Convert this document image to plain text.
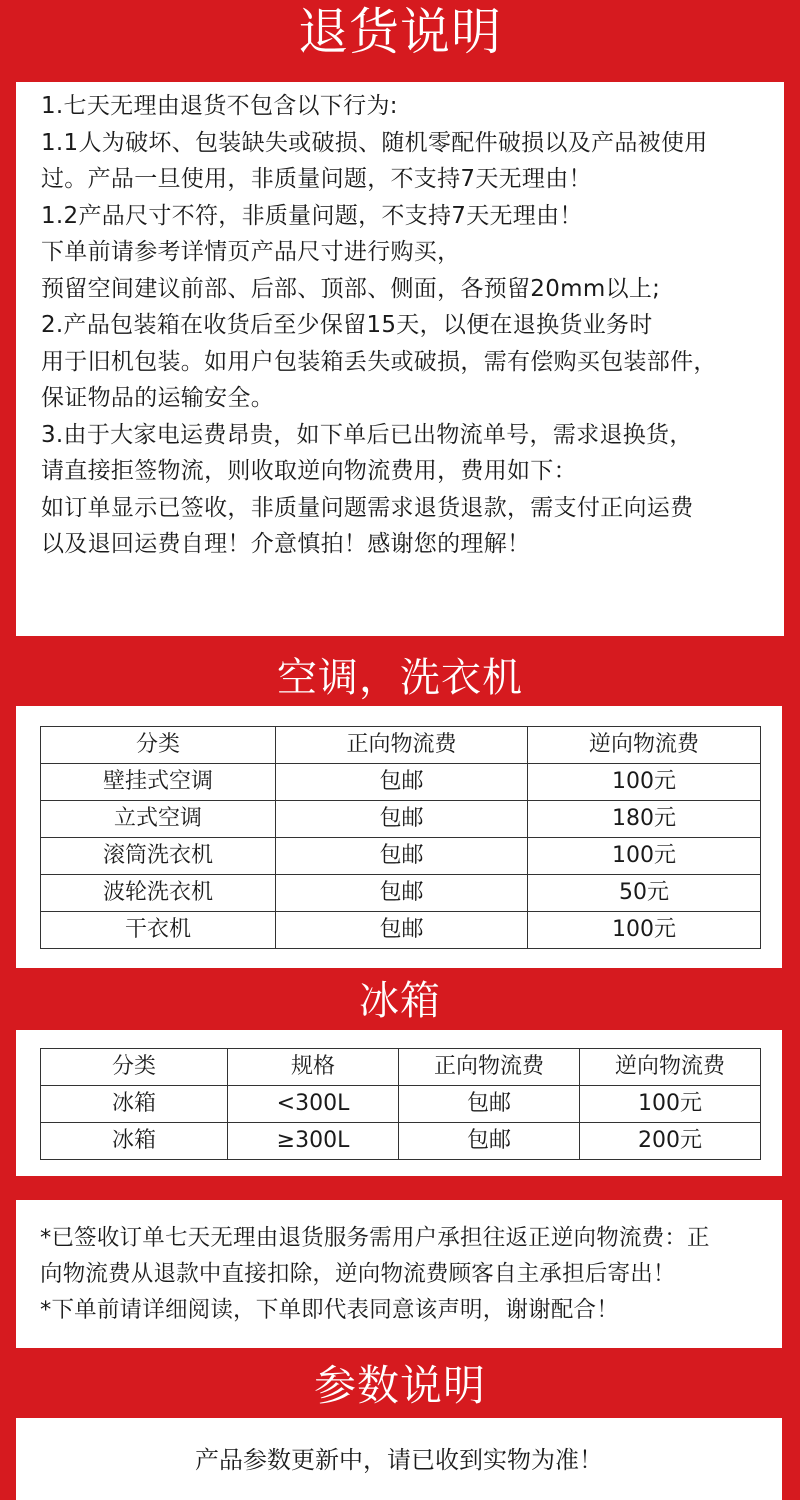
退货说明
1.七天无理由退货不包含以下行为:
1.1人为破坏、包装缺失或破损、随机零配件破损以及产品被使用
过。产品一旦使用，非质量问题，不支持7天无理由！
1.2产品尺寸不符，非质量问题，不支持7天无理由！
下单前请参考详情页产品尺寸进行购买，
预留空间建议前部、后部、顶部、侧面，各预留20mm以上;
2.产品包装箱在收货后至少保留15天，以便在退换货业务时
用于旧机包装。如用户包装箱丢失或破损，需有偿购买包装部件，
保证物品的运输安全。
3.由于大家电运费昂贵，如下单后已出物流单号，需求退换货，
请直接拒签物流，则收取逆向物流费用，费用如下：
如订单显示已签收，非质量问题需求退货退款，需支付正向运费
以及退回运费自理！介意慎拍！感谢您的理解！
空调，洗衣机
分类	正向物流费	逆向物流费
壁挂式空调	包邮	100元
立式空调	包邮	180元
滚筒洗衣机	包邮	100元
波轮洗衣机	包邮	50元
干衣机	包邮	100元
冰箱
分类	规格	正向物流费	逆向物流费
冰箱	<300L	包邮	100元
冰箱	≥300L	包邮	200元
*已签收订单七天无理由退货服务需用户承担往返正逆向物流费：正
向物流费从退款中直接扣除，逆向物流费顾客自主承担后寄出！
*下单前请详细阅读，下单即代表同意该声明，谢谢配合！
参数说明
产品参数更新中，请已收到实物为准！
